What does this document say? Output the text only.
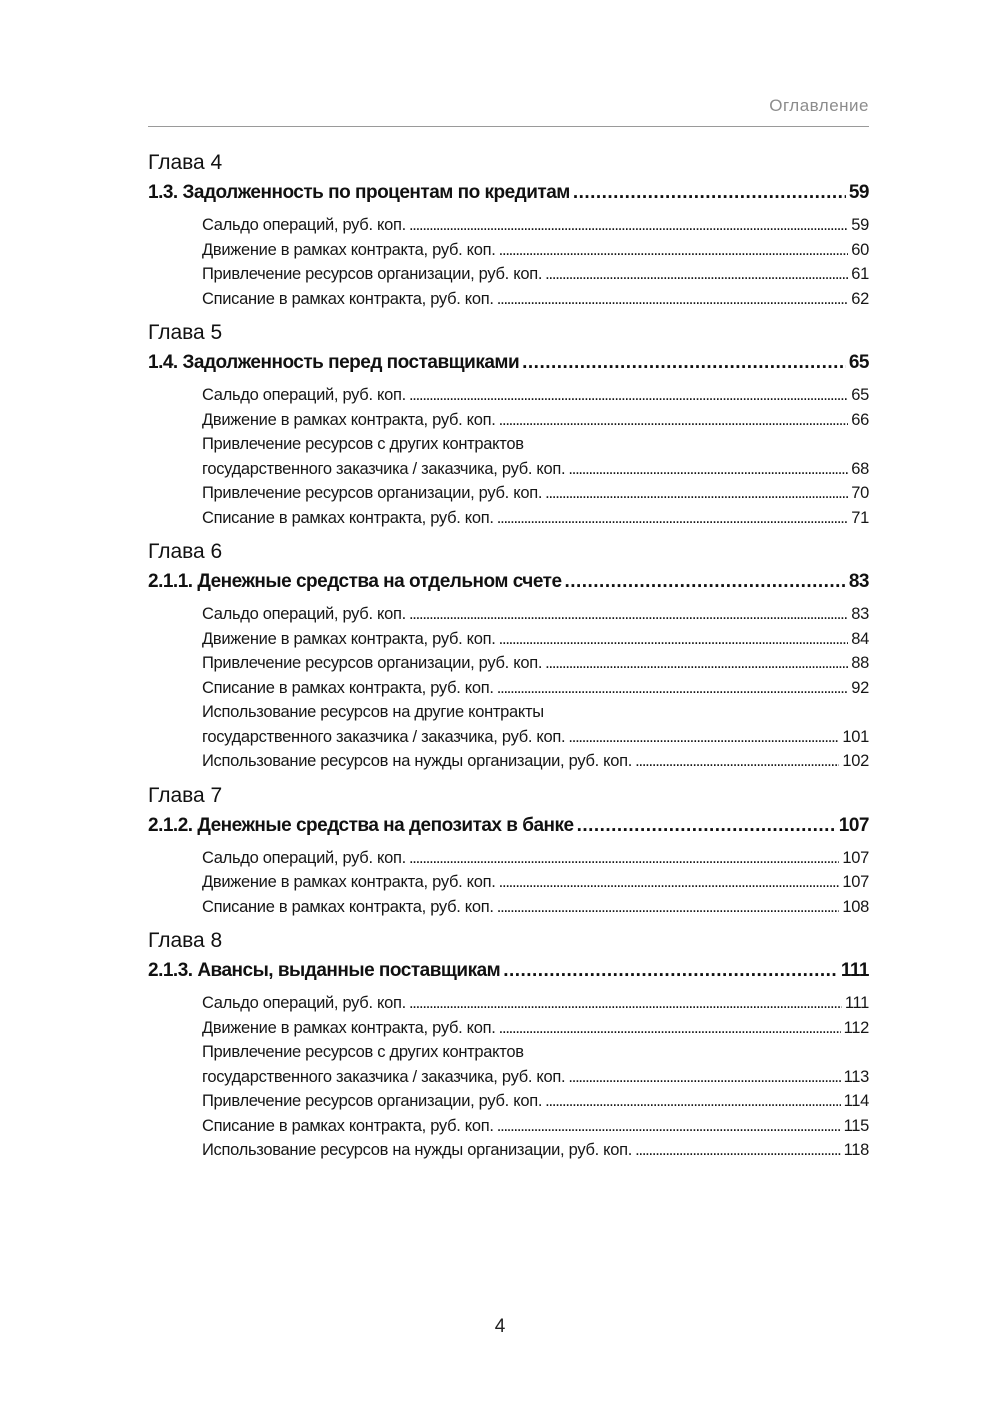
Оглавление
Глава 4
1.3. Задолженность по процентам по кредитам . . .	59
Сальдо операций, руб. коп. . . .	59
Движение в рамках контракта, руб. коп. . . .	60
Привлечение ресурсов организации, руб. коп. . . .	61
Списание в рамках контракта, руб. коп. . . .	62
Глава 5
1.4. Задолженность перед поставщиками . . .	65
Сальдо операций, руб. коп. . . .	65
Движение в рамках контракта, руб. коп. . . .	66
Привлечение ресурсов с других контрактов
государственного заказчика / заказчика, руб. коп. . . .	68
Привлечение ресурсов организации, руб. коп. . . .	70
Списание в рамках контракта, руб. коп. . . .	71
Глава 6
2.1.1. Денежные средства на отдельном счете . . .	83
Сальдо операций, руб. коп. . . .	83
Движение в рамках контракта, руб. коп. . . .	84
Привлечение ресурсов организации, руб. коп. . . .	88
Списание в рамках контракта, руб. коп. . . .	92
Использование ресурсов на другие контракты
государственного заказчика / заказчика, руб. коп. . . .	101
Использование ресурсов на нужды организации, руб. коп. . . .	102
Глава 7
2.1.2. Денежные средства на депозитах в банке . . .	107
Сальдо операций, руб. коп. . . .	107
Движение в рамках контракта, руб. коп. . . .	107
Списание в рамках контракта, руб. коп. . . .	108
Глава 8
2.1.3. Авансы, выданные поставщикам . . .	111
Сальдо операций, руб. коп. . . .	111
Движение в рамках контракта, руб. коп. . . .	112
Привлечение ресурсов с других контрактов
государственного заказчика / заказчика, руб. коп. . . .	113
Привлечение ресурсов организации, руб. коп. . . .	114
Списание в рамках контракта, руб. коп. . . .	115
Использование ресурсов на нужды организации, руб. коп. . . .	118
4
